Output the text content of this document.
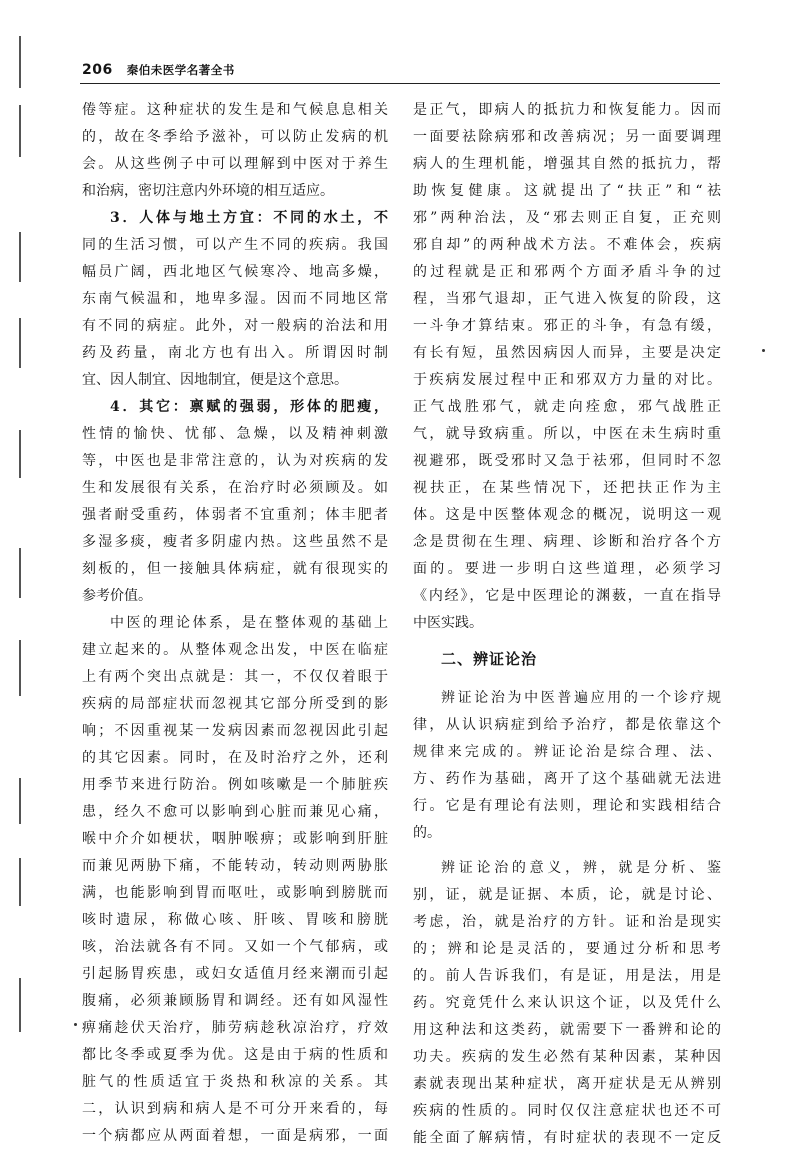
206 秦伯未医学名著全书
倦等症。这种症状的发生是和气候息息相关
的，故在冬季给予滋补，可以防止发病的机
会。从这些例子中可以理解到中医对于养生
和治病，密切注意内外环境的相互适应。
3．人体与地土方宜：不同的水土，不
同的生活习惯，可以产生不同的疾病。我国
幅员广阔，西北地区气候寒冷、地高多燥，
东南气候温和，地卑多湿。因而不同地区常
有不同的病症。此外，对一般病的治法和用
药及药量，南北方也有出入。所谓因时制
宜、因人制宜、因地制宜，便是这个意思。
4．其它：禀赋的强弱，形体的肥瘦，
性情的愉快、忧郁、急燥，以及精神刺激
等，中医也是非常注意的，认为对疾病的发
生和发展很有关系，在治疗时必须顾及。如
强者耐受重药，体弱者不宜重剂；体丰肥者
多湿多痰，瘦者多阴虚内热。这些虽然不是
刻板的，但一接触具体病症，就有很现实的
参考价值。
中医的理论体系，是在整体观的基础上
建立起来的。从整体观念出发，中医在临症
上有两个突出点就是：其一，不仅仅着眼于
疾病的局部症状而忽视其它部分所受到的影
响；不因重视某一发病因素而忽视因此引起
的其它因素。同时，在及时治疗之外，还利
用季节来进行防治。例如咳嗽是一个肺脏疾
患，经久不愈可以影响到心脏而兼见心痛，
喉中介介如梗状，咽肿喉痹；或影响到肝脏
而兼见两胁下痛，不能转动，转动则两胁胀
满，也能影响到胃而呕吐，或影响到膀胱而
咳时遗尿，称做心咳、肝咳、胃咳和膀胱
咳，治法就各有不同。又如一个气郁病，或
引起肠胃疾患，或妇女适值月经来潮而引起
腹痛，必须兼顾肠胃和调经。还有如风湿性
痹痛趁伏天治疗，肺劳病趁秋凉治疗，疗效
都比冬季或夏季为优。这是由于病的性质和
脏气的性质适宜于炎热和秋凉的关系。其
二，认识到病和病人是不可分开来看的，每
一个病都应从两面着想，一面是病邪，一面
是正气，即病人的抵抗力和恢复能力。因而
一面要祛除病邪和改善病况；另一面要调理
病人的生理机能，增强其自然的抵抗力，帮
助恢复健康。这就提出了“扶正”和“祛
邪”两种治法，及“邪去则正自复，正充则
邪自却”的两种战术方法。不难体会，疾病
的过程就是正和邪两个方面矛盾斗争的过
程，当邪气退却，正气进入恢复的阶段，这
一斗争才算结束。邪正的斗争，有急有缓，
有长有短，虽然因病因人而异，主要是决定
于疾病发展过程中正和邪双方力量的对比。
正气战胜邪气，就走向痊愈，邪气战胜正
气，就导致病重。所以，中医在未生病时重
视避邪，既受邪时又急于祛邪，但同时不忽
视扶正，在某些情况下，还把扶正作为主
体。这是中医整体观念的概况，说明这一观
念是贯彻在生理、病理、诊断和治疗各个方
面的。要进一步明白这些道理，必须学习
《内经》，它是中医理论的渊薮，一直在指导
中医实践。
二、辨证论治
辨证论治为中医普遍应用的一个诊疗规
律，从认识病症到给予治疗，都是依靠这个
规律来完成的。辨证论治是综合理、法、
方、药作为基础，离开了这个基础就无法进
行。它是有理论有法则，理论和实践相结合
的。
辨证论治的意义，辨，就是分析、鉴
别，证，就是证据、本质，论，就是讨论、
考虑，治，就是治疗的方针。证和治是现实
的；辨和论是灵活的，要通过分析和思考
的。前人告诉我们，有是证，用是法，用是
药。究竟凭什么来认识这个证，以及凭什么
用这种法和这类药，就需要下一番辨和论的
功夫。疾病的发生必然有某种因素，某种因
素就表现出某种症状，离开症状是无从辨别
疾病的性质的。同时仅仅注意症状也还不可
能全面了解病情，有时症状的表现不一定反
